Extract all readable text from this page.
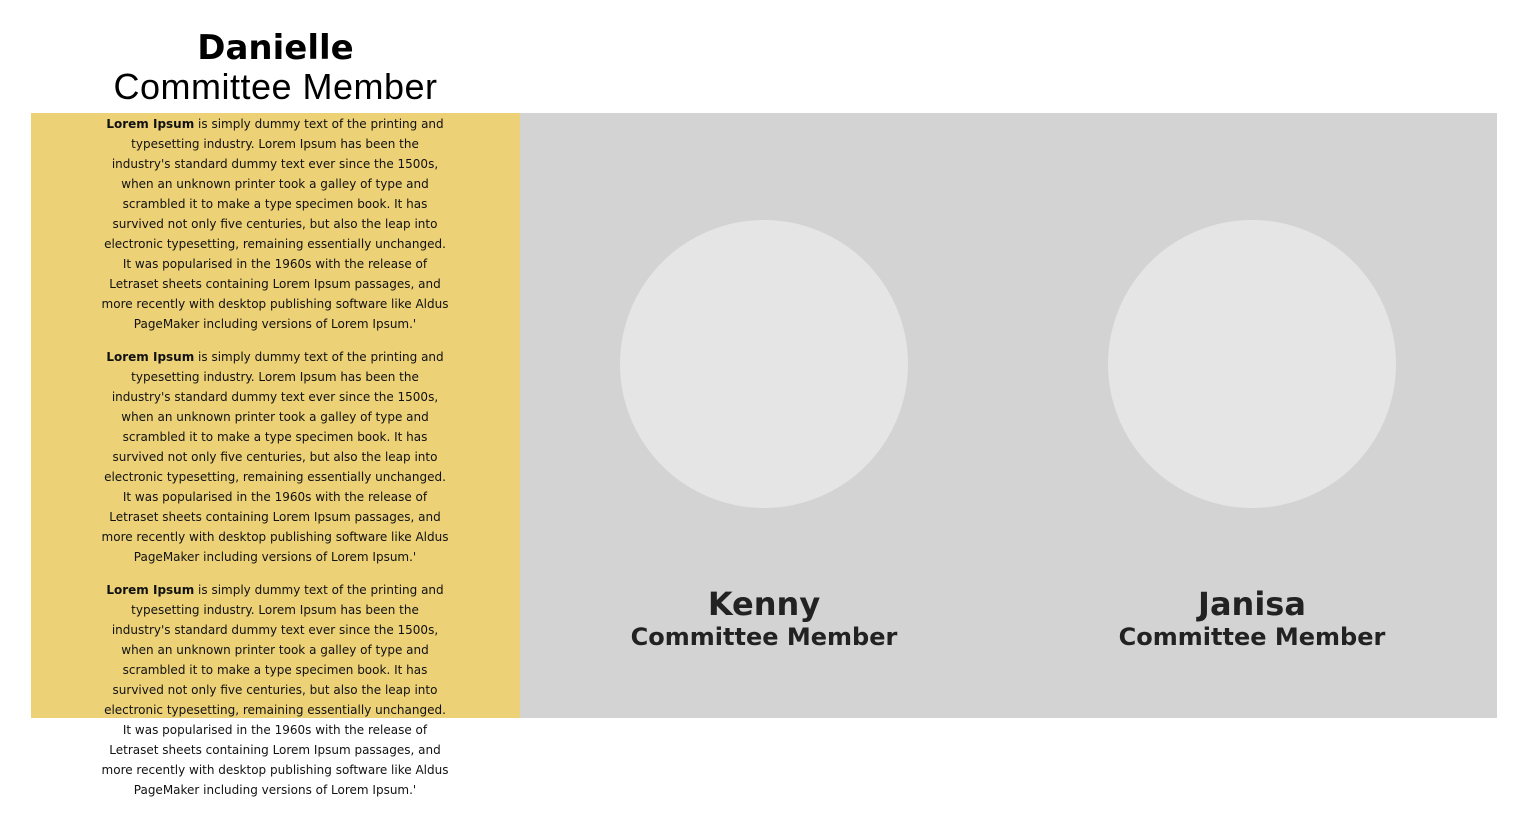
Danielle
Committee Member

Lorem Ipsum is simply dummy text of the printing and typesetting industry. Lorem Ipsum has been the industry's standard dummy text ever since the 1500s, when an unknown printer took a galley of type and scrambled it to make a type specimen book. It has survived not only five centuries, but also the leap into electronic typesetting, remaining essentially unchanged. It was popularised in the 1960s with the release of Letraset sheets containing Lorem Ipsum passages, and more recently with desktop publishing software like Aldus PageMaker including versions of Lorem Ipsum.'

Lorem Ipsum is simply dummy text of the printing and typesetting industry. Lorem Ipsum has been the industry's standard dummy text ever since the 1500s, when an unknown printer took a galley of type and scrambled it to make a type specimen book. It has survived not only five centuries, but also the leap into electronic typesetting, remaining essentially unchanged. It was popularised in the 1960s with the release of Letraset sheets containing Lorem Ipsum passages, and more recently with desktop publishing software like Aldus PageMaker including versions of Lorem Ipsum.'

Lorem Ipsum is simply dummy text of the printing and typesetting industry. Lorem Ipsum has been the industry's standard dummy text ever since the 1500s, when an unknown printer took a galley of type and scrambled it to make a type specimen book. It has survived not only five centuries, but also the leap into electronic typesetting, remaining essentially unchanged. It was popularised in the 1960s with the release of Letraset sheets containing Lorem Ipsum passages, and more recently with desktop publishing software like Aldus PageMaker including versions of Lorem Ipsum.'

Kenny
Committee Member
Janisa
Committee Member
